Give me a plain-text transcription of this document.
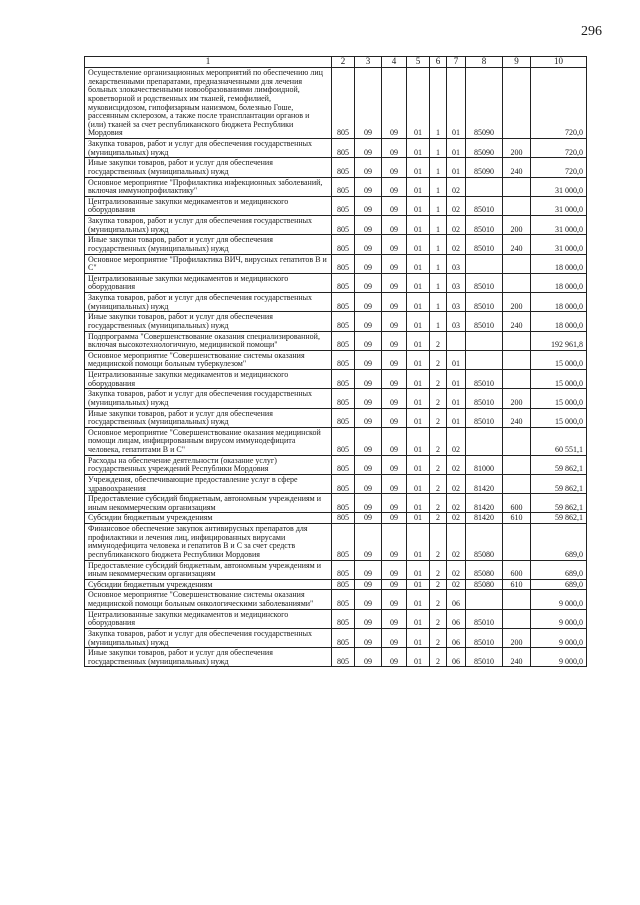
296
1	2	3	4	5	6	7	8	9	10
Осуществление организационных мероприятий по обеспечению лиц лекарственными препаратами, предназначенными для лечения больных злокачественными новообразованиями лимфоидной, кроветворной и родственных им тканей, гемофилией, муковисцидозом, гипофизарным нанизмом, болезнью Гоше, рассеянным склерозом, а также после трансплантации органов и (или) тканей за счет республиканского бюджета Республики Мордовия	805	09	09	01	1	01	85090		720,0
Закупка товаров, работ и услуг для обеспечения государственных (муниципальных) нужд	805	09	09	01	1	01	85090	200	720,0
Иные закупки товаров, работ и услуг для обеспечения государственных (муниципальных) нужд	805	09	09	01	1	01	85090	240	720,0
Основное мероприятие "Профилактика инфекционных заболеваний, включая иммунопрофилактику"	805	09	09	01	1	02			31 000,0
Централизованные закупки медикаментов и медицинского оборудования	805	09	09	01	1	02	85010		31 000,0
Закупка товаров, работ и услуг для обеспечения государственных (муниципальных) нужд	805	09	09	01	1	02	85010	200	31 000,0
Иные закупки товаров, работ и услуг для обеспечения государственных (муниципальных) нужд	805	09	09	01	1	02	85010	240	31 000,0
Основное мероприятие "Профилактика ВИЧ, вирусных гепатитов В и С"	805	09	09	01	1	03			18 000,0
Централизованные закупки медикаментов и медицинского оборудования	805	09	09	01	1	03	85010		18 000,0
Закупка товаров, работ и услуг для обеспечения государственных (муниципальных) нужд	805	09	09	01	1	03	85010	200	18 000,0
Иные закупки товаров, работ и услуг для обеспечения государственных (муниципальных) нужд	805	09	09	01	1	03	85010	240	18 000,0
Подпрограмма "Совершенствование оказания специализированной, включая высокотехнологичную, медицинской помощи"	805	09	09	01	2				192 961,8
Основное мероприятие "Совершенствование системы оказания медицинской помощи больным туберкулезом"	805	09	09	01	2	01			15 000,0
Централизованные закупки медикаментов и медицинского оборудования	805	09	09	01	2	01	85010		15 000,0
Закупка товаров, работ и услуг для обеспечения государственных (муниципальных) нужд	805	09	09	01	2	01	85010	200	15 000,0
Иные закупки товаров, работ и услуг для обеспечения государственных (муниципальных) нужд	805	09	09	01	2	01	85010	240	15 000,0
Основное мероприятие "Совершенствование оказания медицинской помощи лицам, инфицированным вирусом иммунодефицита человека, гепатитами В и С"	805	09	09	01	2	02			60 551,1
Расходы на обеспечение деятельности (оказание услуг) государственных учреждений Республики Мордовия	805	09	09	01	2	02	81000		59 862,1
Учреждения, обеспечивающие предоставление услуг в сфере здравоохранения	805	09	09	01	2	02	81420		59 862,1
Предоставление субсидий бюджетным, автономным учреждениям и иным некоммерческим организациям	805	09	09	01	2	02	81420	600	59 862,1
Субсидии бюджетным учреждениям	805	09	09	01	2	02	81420	610	59 862,1
Финансовое обеспечение закупок антивирусных препаратов для профилактики и лечения лиц, инфицированных вирусами иммунодефицита человека и гепатитов В и С за счет средств республиканского бюджета Республики Мордовия	805	09	09	01	2	02	85080		689,0
Предоставление субсидий бюджетным, автономным учреждениям и иным некоммерческим организациям	805	09	09	01	2	02	85080	600	689,0
Субсидии бюджетным учреждениям	805	09	09	01	2	02	85080	610	689,0
Основное мероприятие "Совершенствование системы оказания медицинской помощи больным онкологическими заболеваниями"	805	09	09	01	2	06			9 000,0
Централизованные закупки медикаментов и медицинского оборудования	805	09	09	01	2	06	85010		9 000,0
Закупка товаров, работ и услуг для обеспечения государственных (муниципальных) нужд	805	09	09	01	2	06	85010	200	9 000,0
Иные закупки товаров, работ и услуг для обеспечения государственных (муниципальных) нужд	805	09	09	01	2	06	85010	240	9 000,0
